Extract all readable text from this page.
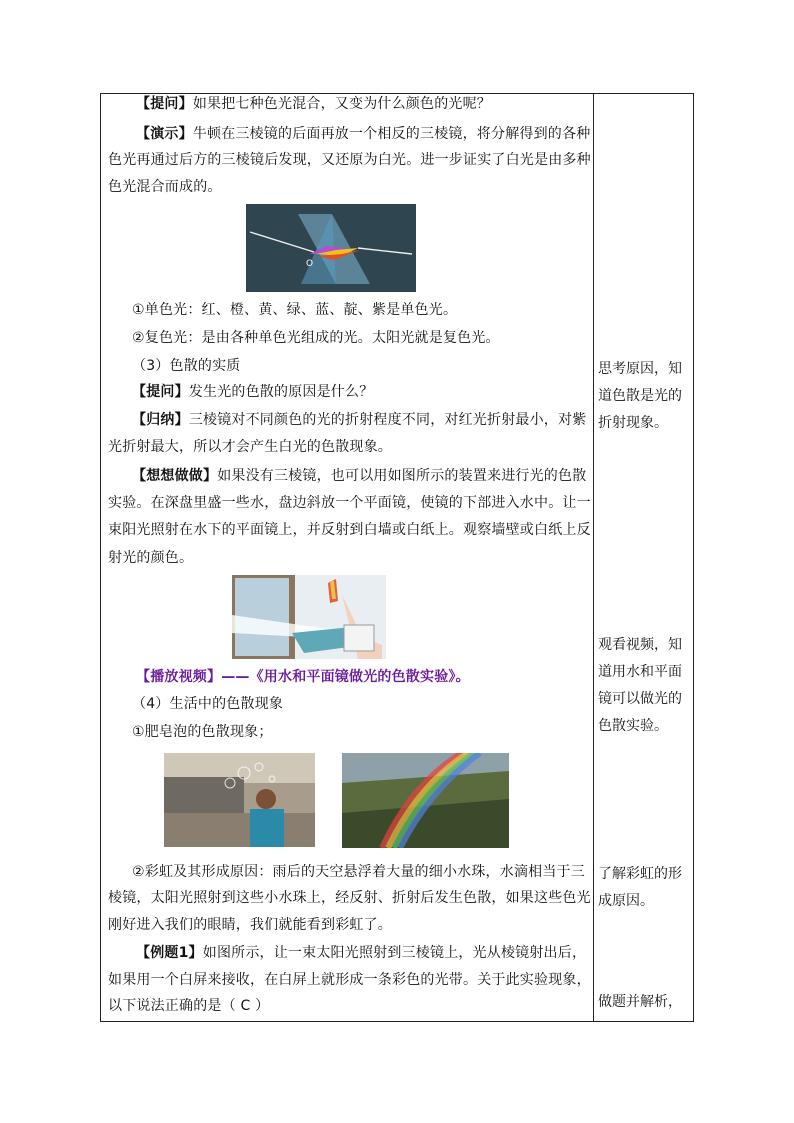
【提问】如果把七种色光混合，又变为什么颜色的光呢？
【演示】牛顿在三棱镜的后面再放一个相反的三棱镜，将分解得到的各种
色光再通过后方的三棱镜后发现，又还原为白光。进一步证实了白光是由多种
色光混合而成的。
O
①单色光：红、橙、黄、绿、蓝、靛、紫是单色光。
②复色光：是由各种单色光组成的光。太阳光就是复色光。
（3）色散的实质
【提问】发生光的色散的原因是什么？
【归纳】三棱镜对不同颜色的光的折射程度不同，对红光折射最小，对紫
光折射最大，所以才会产生白光的色散现象。
【想想做做】如果没有三棱镜，也可以用如图所示的装置来进行光的色散
实验。在深盘里盛一些水，盘边斜放一个平面镜，使镜的下部进入水中。让一
束阳光照射在水下的平面镜上，并反射到白墙或白纸上。观察墙壁或白纸上反
射光的颜色。
【播放视频】——《用水和平面镜做光的色散实验》。
（4）生活中的色散现象
①肥皂泡的色散现象；
②彩虹及其形成原因：雨后的天空悬浮着大量的细小水珠，水滴相当于三
棱镜，太阳光照射到这些小水珠上，经反射、折射后发生色散，如果这些色光
刚好进入我们的眼睛，我们就能看到彩虹了。
【例题1】如图所示，让一束太阳光照射到三棱镜上，光从棱镜射出后，
如果用一个白屏来接收，在白屏上就形成一条彩色的光带。关于此实验现象，
以下说法正确的是（ C ）
思考原因，知
道色散是光的
折射现象。
观看视频，知
道用水和平面
镜可以做光的
色散实验。
了解彩虹的形
成原因。
做题并解析，
